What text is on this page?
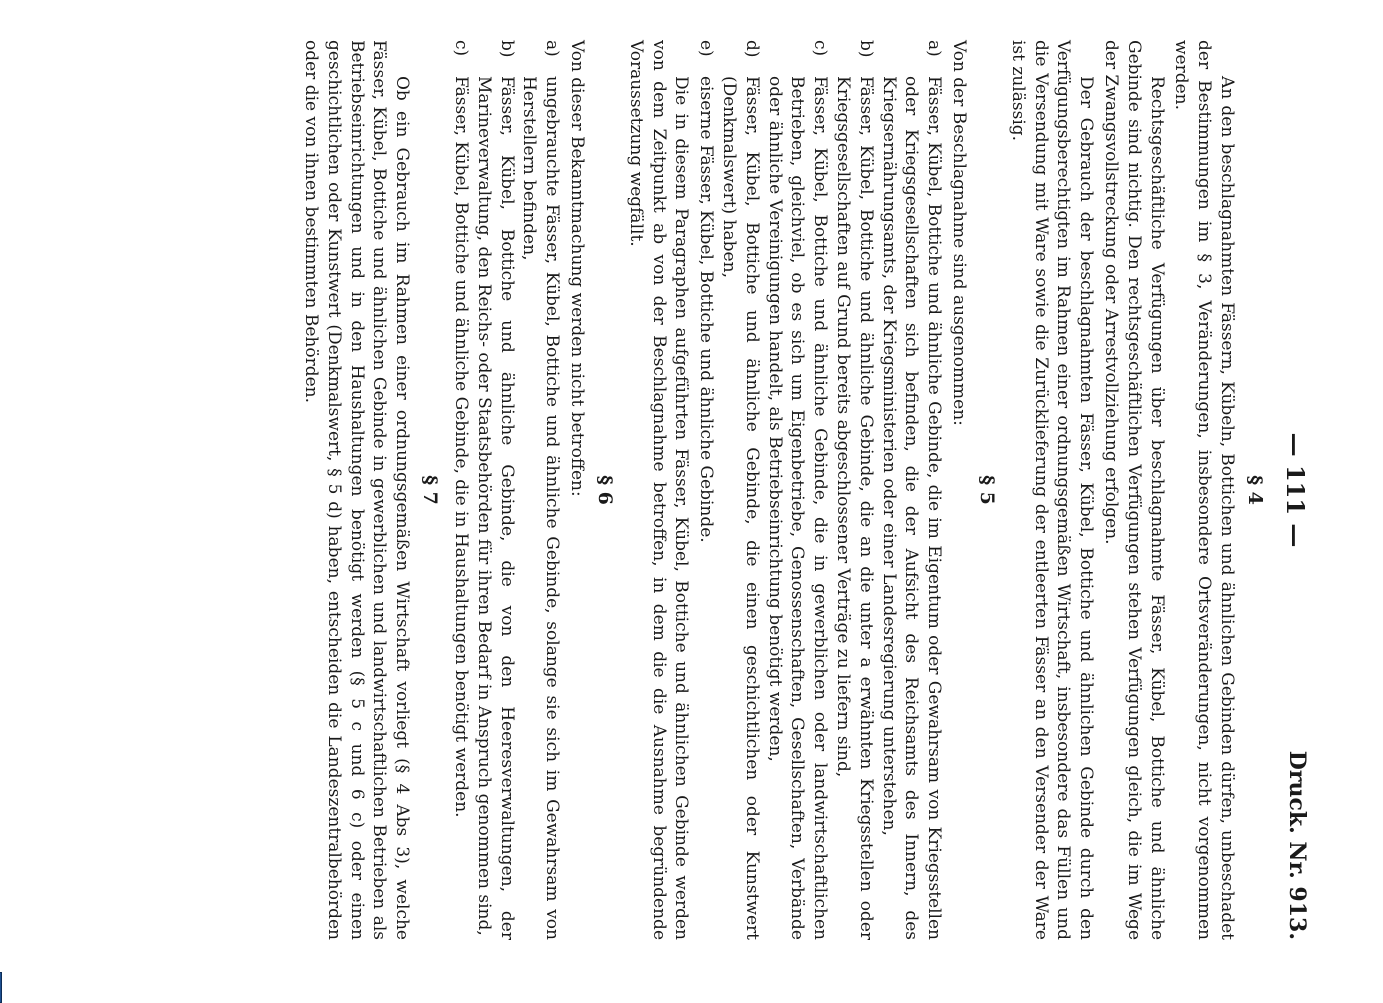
— 111 —
Druck. Nr. 913.
§ 4

An den beschlagnahmten Fässern, Kübeln, Bottichen und ähnlichen Gebinden dürfen, unbeschadet der Bestimmungen im § 3, Veränderungen, insbesondere Ortsveränderungen, nicht vorgenommen werden.

Rechtsgeschäftliche Verfügungen über beschlagnahmte Fässer, Kübel, Bottiche und ähnliche Gebinde sind nichtig. Den rechtsgeschäftlichen Verfügungen stehen Verfügungen gleich, die im Wege der Zwangsvollstreckung oder Arrestvollziehung erfolgen.

Der Gebrauch der beschlagnahmten Fässer, Kübel, Bottiche und ähnlichen Gebinde durch den Verfügungsberechtigten im Rahmen einer ordnungsgemäßen Wirtschaft, insbesondere das Füllen und die Versendung mit Ware sowie die Zurücklieferung der entleerten Fässer an den Versender der Ware ist zulässig.

§ 5

Von der Beschlagnahme sind ausgenommen:

a)
Fässer, Kübel, Bottiche und ähnliche Gebinde, die im Eigentum oder Gewahrsam von Kriegsstellen oder Kriegsgesellschaften sich befinden, die der Aufsicht des Reichsamts des Innern, des Kriegsernährungsamts, der Kriegsministerien oder einer Landesregierung unterstehen,
b)
Fässer, Kübel, Bottiche und ähnliche Gebinde, die an die unter a erwähnten Kriegsstellen oder Kriegsgesellschaften auf Grund bereits abgeschlossener Verträge zu liefern sind,
c)
Fässer, Kübel, Bottiche und ähnliche Gebinde, die in gewerblichen oder landwirtschaftlichen Betrieben, gleichviel, ob es sich um Eigenbetriebe, Genossenschaften, Gesellschaften, Verbände oder ähnliche Vereinigungen handelt, als Betriebseinrichtung benötigt werden,
d)
Fässer, Kübel, Bottiche und ähnliche Gebinde, die einen geschichtlichen oder Kunstwert (Denkmalswert) haben,
e)
eiserne Fässer, Kübel, Bottiche und ähnliche Gebinde.

Die in diesem Paragraphen aufgeführten Fässer, Kübel, Bottiche und ähnlichen Gebinde werden von dem Zeitpunkt ab von der Beschlagnahme betroffen, in dem die die Ausnahme begründende Voraussetzung wegfällt.

§ 6

Von dieser Bekanntmachung werden nicht betroffen:

a)
ungebrauchte Fässer, Kübel, Bottiche und ähnliche Gebinde, solange sie sich im Gewahrsam von Herstellern befinden,
b)
Fässer, Kübel, Bottiche und ähnliche Gebinde, die von den Heeresverwaltungen, der Marineverwaltung, den Reichs- oder Staatsbehörden für ihren Bedarf in Anspruch genommen sind,
c)
Fässer, Kübel, Bottiche und ähnliche Gebinde, die in Haushaltungen benötigt werden.
§ 7

Ob ein Gebrauch im Rahmen einer ordnungsgemäßen Wirtschaft vorliegt (§ 4 Abs 3), welche Fässer, Kübel, Bottiche und ähnlichen Gebinde in gewerblichen und landwirtschaftlichen Betrieben als Betriebseinrichtungen und in den Haushaltungen benötigt werden (§ 5 c und 6 c) oder einen geschichtlichen oder Kunstwert (Denkmalswert, § 5 d) haben, entscheiden die Landeszentralbehörden oder die von ihnen bestimmten Behörden.
